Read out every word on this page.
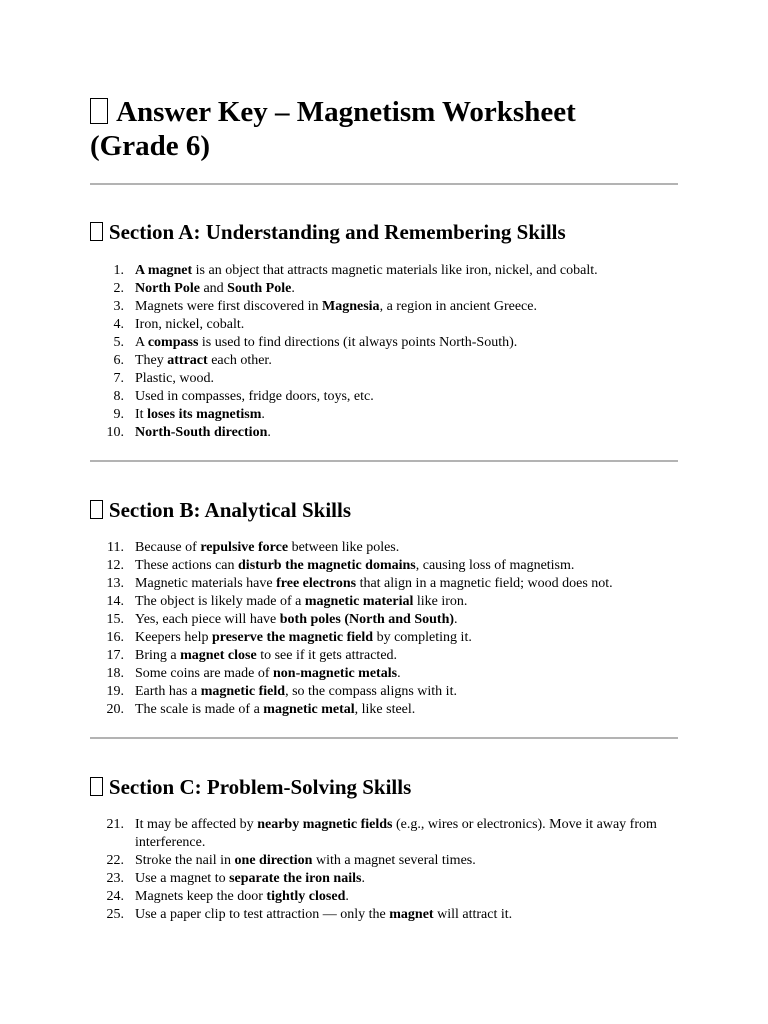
Answer Key – Magnetism Worksheet
(Grade 6)
Section A: Understanding and Remembering Skills
1. A magnet is an object that attracts magnetic materials like iron, nickel, and cobalt.
2. North Pole and South Pole.
3. Magnets were first discovered in Magnesia, a region in ancient Greece.
4. Iron, nickel, cobalt.
5. A compass is used to find directions (it always points North-South).
6. They attract each other.
7. Plastic, wood.
8. Used in compasses, fridge doors, toys, etc.
9. It loses its magnetism.
10. North-South direction.
Section B: Analytical Skills
11. Because of repulsive force between like poles.
12. These actions can disturb the magnetic domains, causing loss of magnetism.
13. Magnetic materials have free electrons that align in a magnetic field; wood does not.
14. The object is likely made of a magnetic material like iron.
15. Yes, each piece will have both poles (North and South).
16. Keepers help preserve the magnetic field by completing it.
17. Bring a magnet close to see if it gets attracted.
18. Some coins are made of non-magnetic metals.
19. Earth has a magnetic field, so the compass aligns with it.
20. The scale is made of a magnetic metal, like steel.
Section C: Problem-Solving Skills
21. It may be affected by nearby magnetic fields (e.g., wires or electronics). Move it away from interference.
22. Stroke the nail in one direction with a magnet several times.
23. Use a magnet to separate the iron nails.
24. Magnets keep the door tightly closed.
25. Use a paper clip to test attraction — only the magnet will attract it.
